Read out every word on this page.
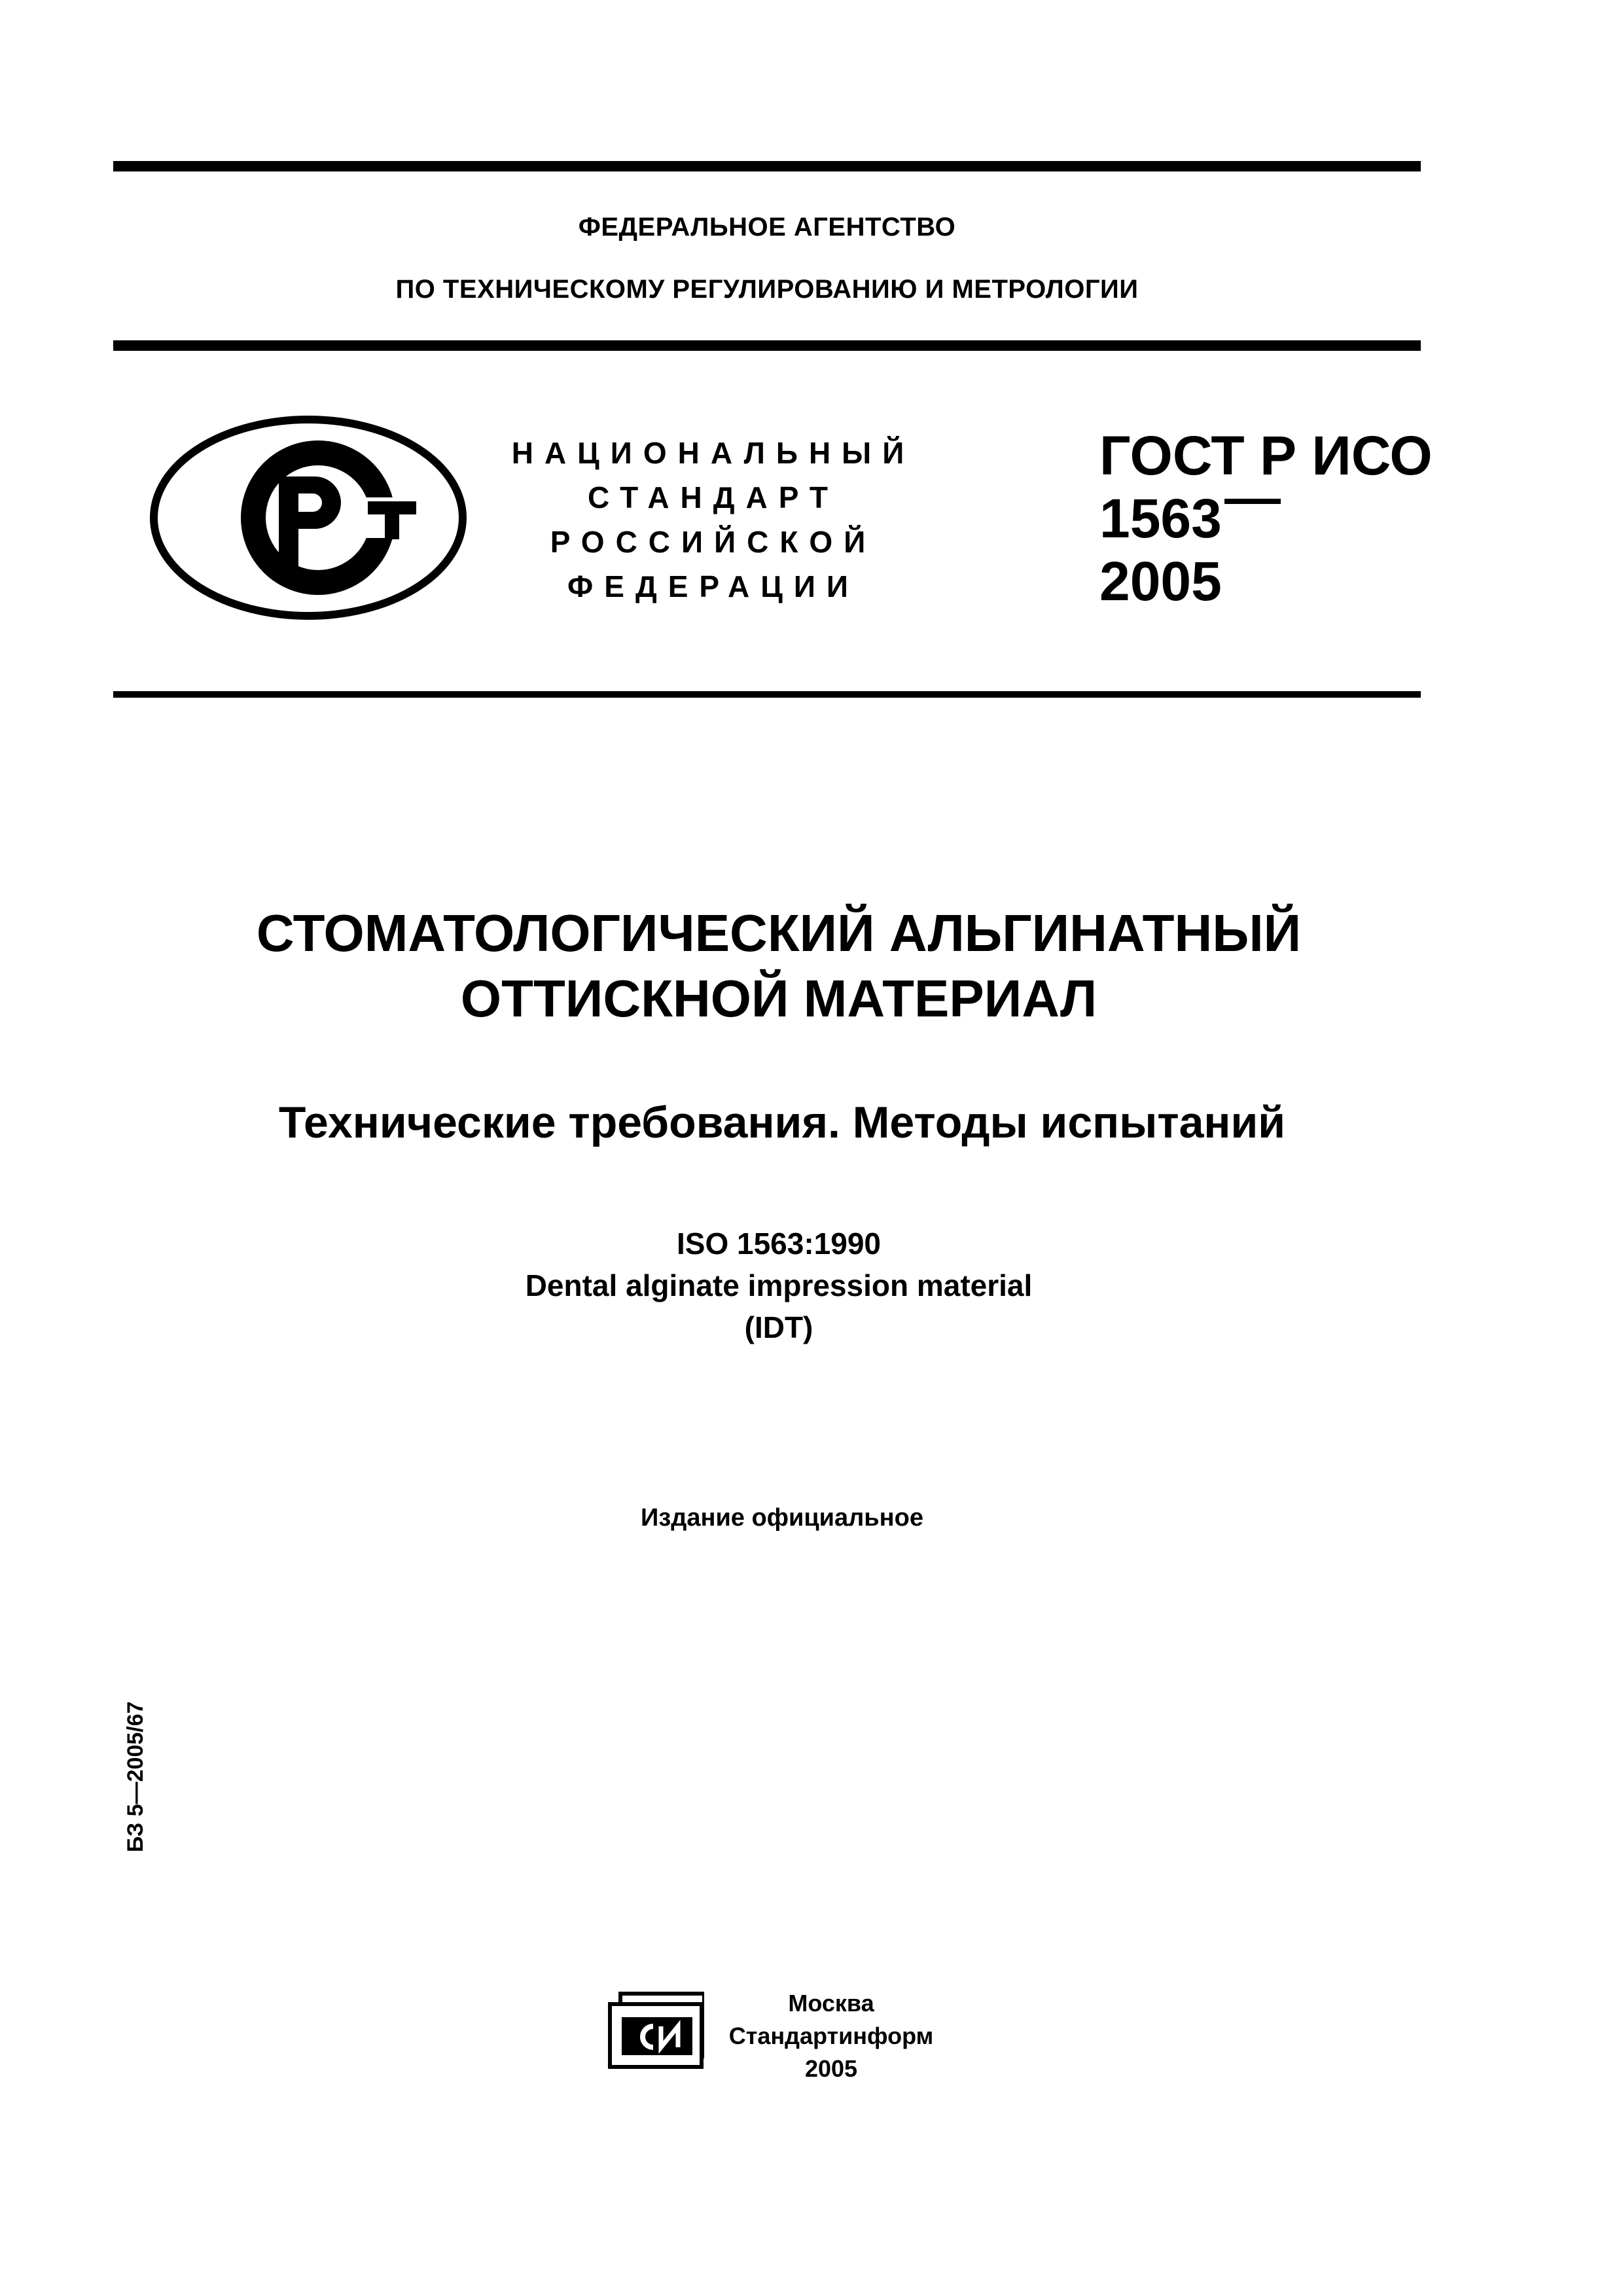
ФЕДЕРАЛЬНОЕ АГЕНТСТВО
ПО ТЕХНИЧЕСКОМУ РЕГУЛИРОВАНИЮ И МЕТРОЛОГИИ
НАЦИОНАЛЬНЫЙ
СТАНДАРТ
РОССИЙСКОЙ
ФЕДЕРАЦИИ
ГОСТ Р ИСО
1563
2005
СТОМАТОЛОГИЧЕСКИЙ АЛЬГИНАТНЫЙ
ОТТИСКНОЙ МАТЕРИАЛ
Технические требования. Методы испытаний
ISO 1563:1990
Dental alginate impression material
(IDT)
Издание официальное
БЗ 5—2005/67
Москва
Стандартинформ
2005
